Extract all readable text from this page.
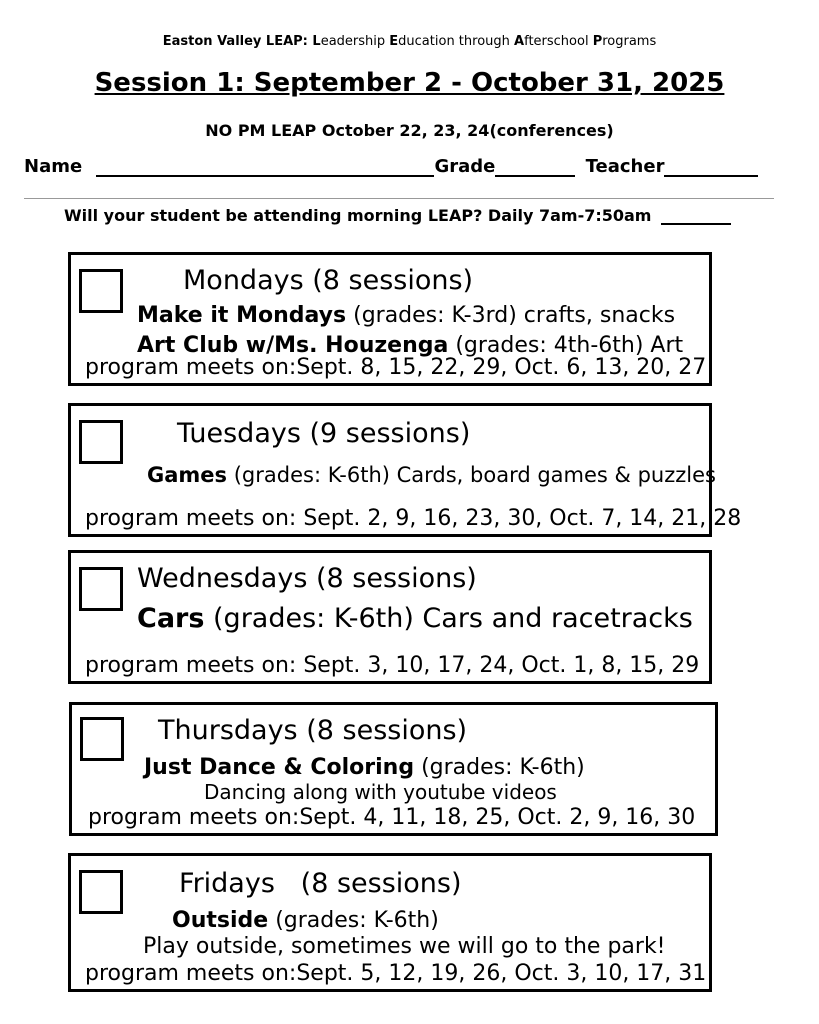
Easton Valley LEAP: Leadership Education through Afterschool Programs
Session 1: September 2 - October 31, 2025
NO PM LEAP October 22, 23, 24(conferences)
Name	Grade	Teacher
Will your student be attending morning LEAP? Daily 7am-7:50am
Mondays (8 sessions)
Make it Mondays (grades: K-3rd) crafts, snacks
Art Club w/Ms. Houzenga (grades: 4th-6th) Art
program meets on:Sept. 8, 15, 22, 29, Oct. 6, 13, 20, 27
Tuesdays (9 sessions)
Games (grades: K-6th) Cards, board games & puzzles
program meets on: Sept. 2, 9, 16, 23, 30, Oct. 7, 14, 21, 28
Wednesdays (8 sessions)
Cars (grades: K-6th) Cars and racetracks
program meets on: Sept. 3, 10, 17, 24, Oct. 1, 8, 15, 29
Thursdays (8 sessions)
Just Dance & Coloring (grades: K-6th)
Dancing along with youtube videos
program meets on:Sept. 4, 11, 18, 25, Oct. 2, 9, 16, 30
Fridays (8 sessions)
Outside (grades: K-6th)
Play outside, sometimes we will go to the park!
program meets on:Sept. 5, 12, 19, 26, Oct. 3, 10, 17, 31
